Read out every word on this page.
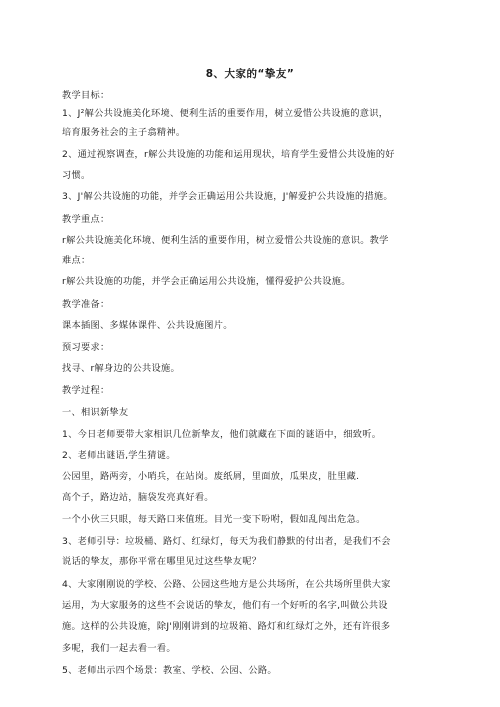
8、大家的“挚友”
教学目标：
1、J²解公共设施美化环境、便利生活的重要作用，树立爱惜公共设施的意识，
培育服务社会的主子翕精神。
2、通过视察调查，r解公共设施的功能和运用现状，培育学生爱惜公共设施的好
习惯。
3、J'解公共设施的功能，并学会正确运用公共设施，J'解爱护公共设施的措施。
教学重点：
r解公共设施美化环境、便利生活的重要作用，树立爱惜公共设施的意识。教学
难点：
r解公共设施的功能，并学会正确运用公共设施，懂得爱护公共设施。
教学准备：
课本插图、多媒体课件、公共设施图片。
预习要求：
找寻、r解身边的公共设施。
教学过程：
一、相识新挚友
1、今日老师要带大家相识几位新挚友，他们就藏在下面的谜语中，细致听。
2、老师出谜语,学生猜谜。
公园里，路两旁，小哨兵，在站岗。废纸屑，里面放，瓜果皮，肚里藏.
高个子，路边站，脑袋发亮真好看。
一个小伙三只眼，每天路口来值班。目光一变下吩咐，假如乱闯出危急。
3、老师引导：垃圾桶、路灯、红绿灯，每天为我们静默的付出者，是我们不会
说话的挚友，那你平常在哪里见过这些挚友呢？
4、大家刚刚说的学校、公路、公园这些地方是公共场所，在公共场所里供大家
运用，为大家服务的这些不会说话的挚友，他们有一个好听的名字,叫做公共设
施。这样的公共设施，除J'刚刚讲到的垃圾箱、路灯和红绿灯之外，还有许很多
多呢，我们一起去看一看。
5、老师出示四个场景：教室、学校、公园、公路。
